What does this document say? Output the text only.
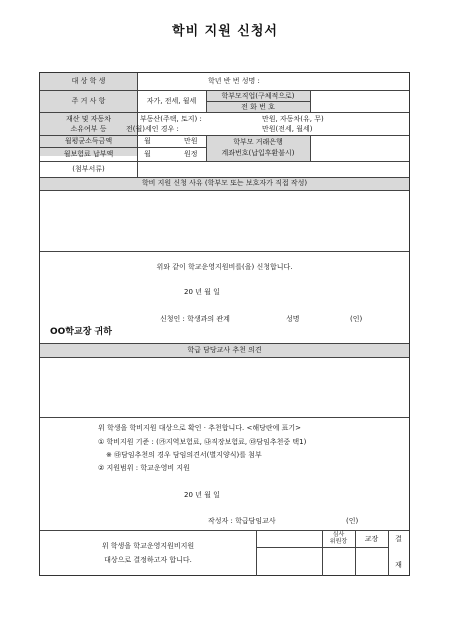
학비 지원 신청서
대 상 학 생	학년 반 번 성명 :
주 거 사 항	자가, 전세, 월세
학부모직업(구체적으로)
전 화 번 호
재산 및 자동차
소유여부 등
부동산(주택, 토지) :	만원, 자동차(유, 무)
전(월)세인 경우 :	만원(전세, 월세)
월평균소득금액	월	만원
월보험료 납부액	월	원정
학부모 거래은행
계좌번호(납입후환불시)
(첨부서류)
학비 지원 신청 사유 (학부모 또는 보호자가 직접 작성)
위와 같이 학교운영지원비를(을) 신청합니다.
20 년 월 일
신청인 : 학생과의 관계	성명	(인)
OO학교장 귀하
학급 담당교사 추천 의견
위 학생을 학비지원 대상으로 확인 · 추천합니다. <해당란에 표기>
① 학비지원 기준 : (㉮지역보험료, ㉯직장보험료, ㉰담임추천중 택1)
※ ㉰담임추천의 경우 담임의견서(별지양식)를 첨부
② 지원범위 : 학교운영비 지원
20 년 월 일
작성자 : 학급담임교사	(인)
위 학생을 학교운영지원비지원
대상으로 결정하고자 합니다.
심사
위원장	교장	결
재
